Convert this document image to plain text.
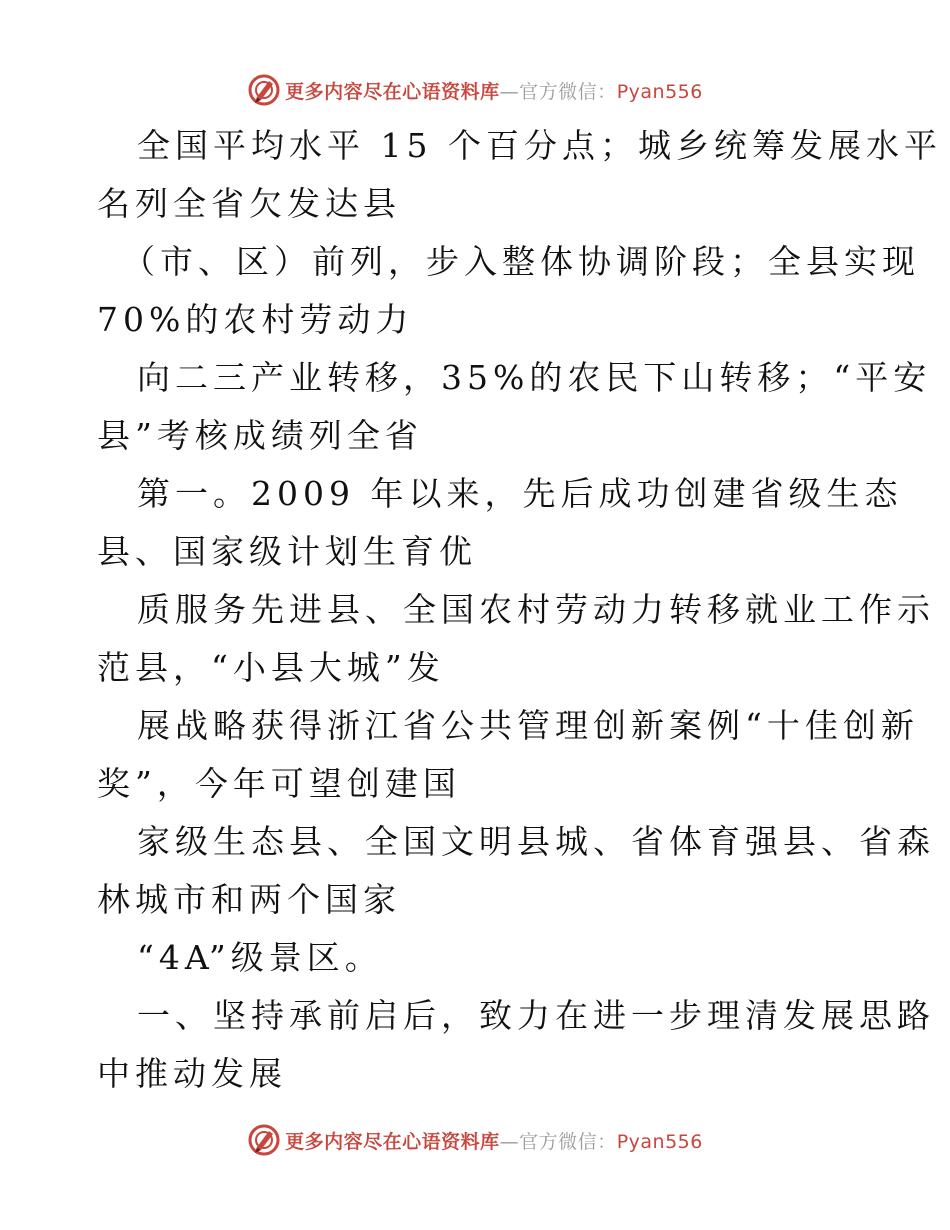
更多内容尽在心语资料库—官方微信：Pyan556
全国平均水平 15 个百分点；城乡统筹发展水平
名列全省欠发达县
（市、区）前列，步入整体协调阶段；全县实现
70%的农村劳动力
向二三产业转移，35%的农民下山转移；“平安
县”考核成绩列全省
第一。2009 年以来，先后成功创建省级生态
县、国家级计划生育优
质服务先进县、全国农村劳动力转移就业工作示
范县，“小县大城”发
展战略获得浙江省公共管理创新案例“十佳创新
奖”，今年可望创建国
家级生态县、全国文明县城、省体育强县、省森
林城市和两个国家
“4A”级景区。
一、坚持承前启后，致力在进一步理清发展思路
中推动发展
更多内容尽在心语资料库—官方微信：Pyan556
